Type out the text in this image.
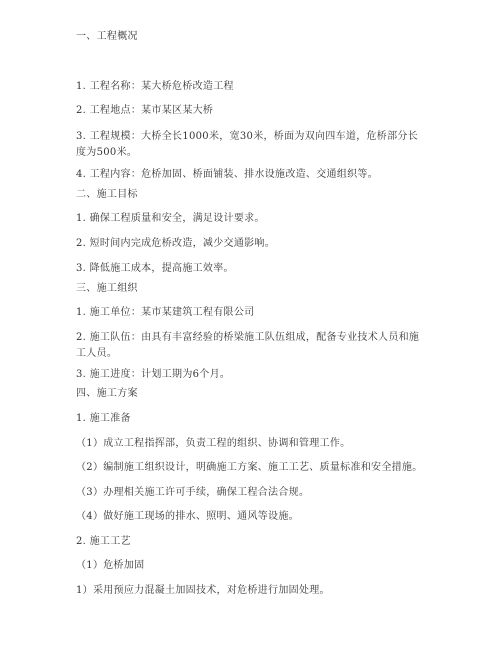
一、工程概况
1. 工程名称：某大桥危桥改造工程
2. 工程地点：某市某区某大桥
3. 工程规模：大桥全长1000米，宽30米，桥面为双向四车道，危桥部分长度为500米。
4. 工程内容：危桥加固、桥面铺装、排水设施改造、交通组织等。
二、施工目标
1. 确保工程质量和安全，满足设计要求。
2. 短时间内完成危桥改造，减少交通影响。
3. 降低施工成本，提高施工效率。
三、施工组织
1. 施工单位：某市某建筑工程有限公司
2. 施工队伍：由具有丰富经验的桥梁施工队伍组成，配备专业技术人员和施工人员。
3. 施工进度：计划工期为6个月。
四、施工方案
1. 施工准备
（1）成立工程指挥部，负责工程的组织、协调和管理工作。
（2）编制施工组织设计，明确施工方案、施工工艺、质量标准和安全措施。
（3）办理相关施工许可手续，确保工程合法合规。
（4）做好施工现场的排水、照明、通风等设施。
2. 施工工艺
（1）危桥加固
1）采用预应力混凝土加固技术，对危桥进行加固处理。
